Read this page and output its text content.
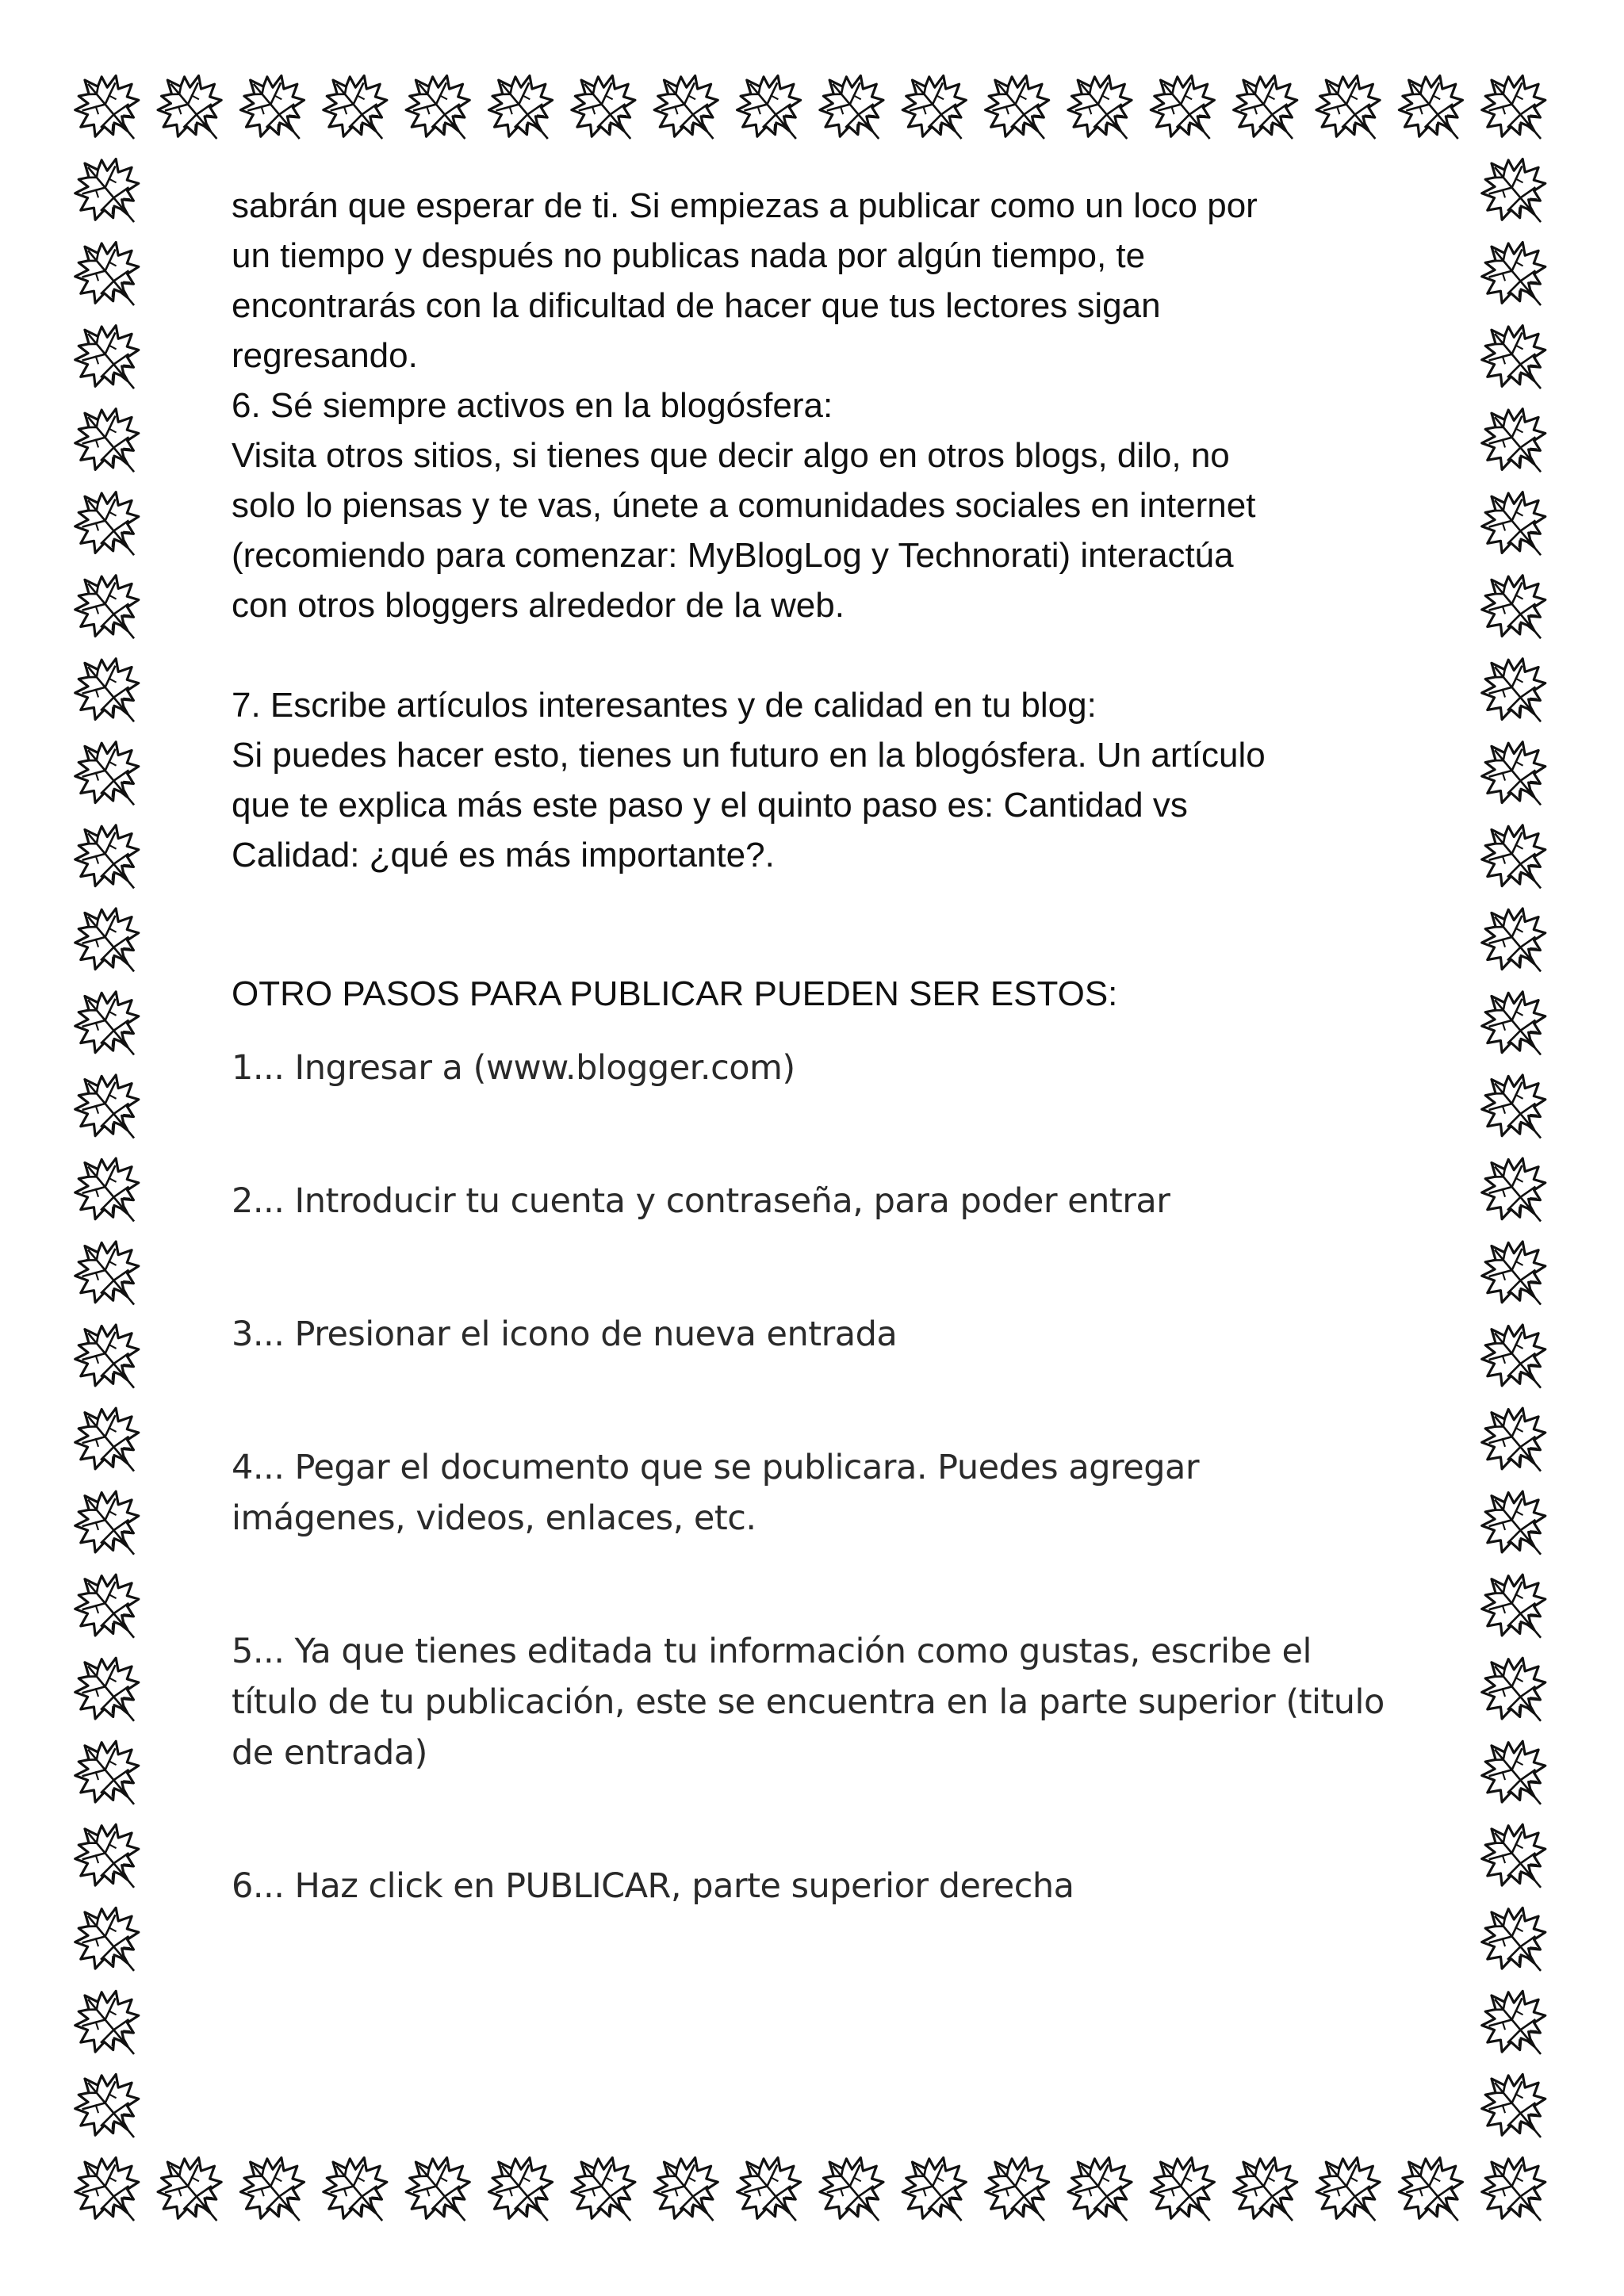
sabrán que esperar de ti. Si empiezas a publicar como un loco por
un tiempo y después no publicas nada por algún tiempo, te
encontrarás con la dificultad de hacer que tus lectores sigan
regresando.
6. Sé siempre activos en la blogósfera:
Visita otros sitios, si tienes que decir algo en otros blogs, dilo, no
solo lo piensas y te vas, únete a comunidades sociales en internet
(recomiendo para comenzar: MyBlogLog y Technorati) interactúa
con otros bloggers alrededor de la web.
7. Escribe artículos interesantes y de calidad en tu blog:
Si puedes hacer esto, tienes un futuro en la blogósfera. Un artículo
que te explica más este paso y el quinto paso es: Cantidad vs
Calidad: ¿qué es más importante?.
OTRO PASOS PARA PUBLICAR PUEDEN SER ESTOS:
1... Ingresar a (www.blogger.com)
2... Introducir tu cuenta y contraseña, para poder entrar
3... Presionar el icono de nueva entrada
4... Pegar el documento que se publicara. Puedes agregar
imágenes, videos, enlaces, etc.
5... Ya que tienes editada tu información como gustas, escribe el
título de tu publicación, este se encuentra en la parte superior (titulo
de entrada)
6... Haz click en PUBLICAR, parte superior derecha
